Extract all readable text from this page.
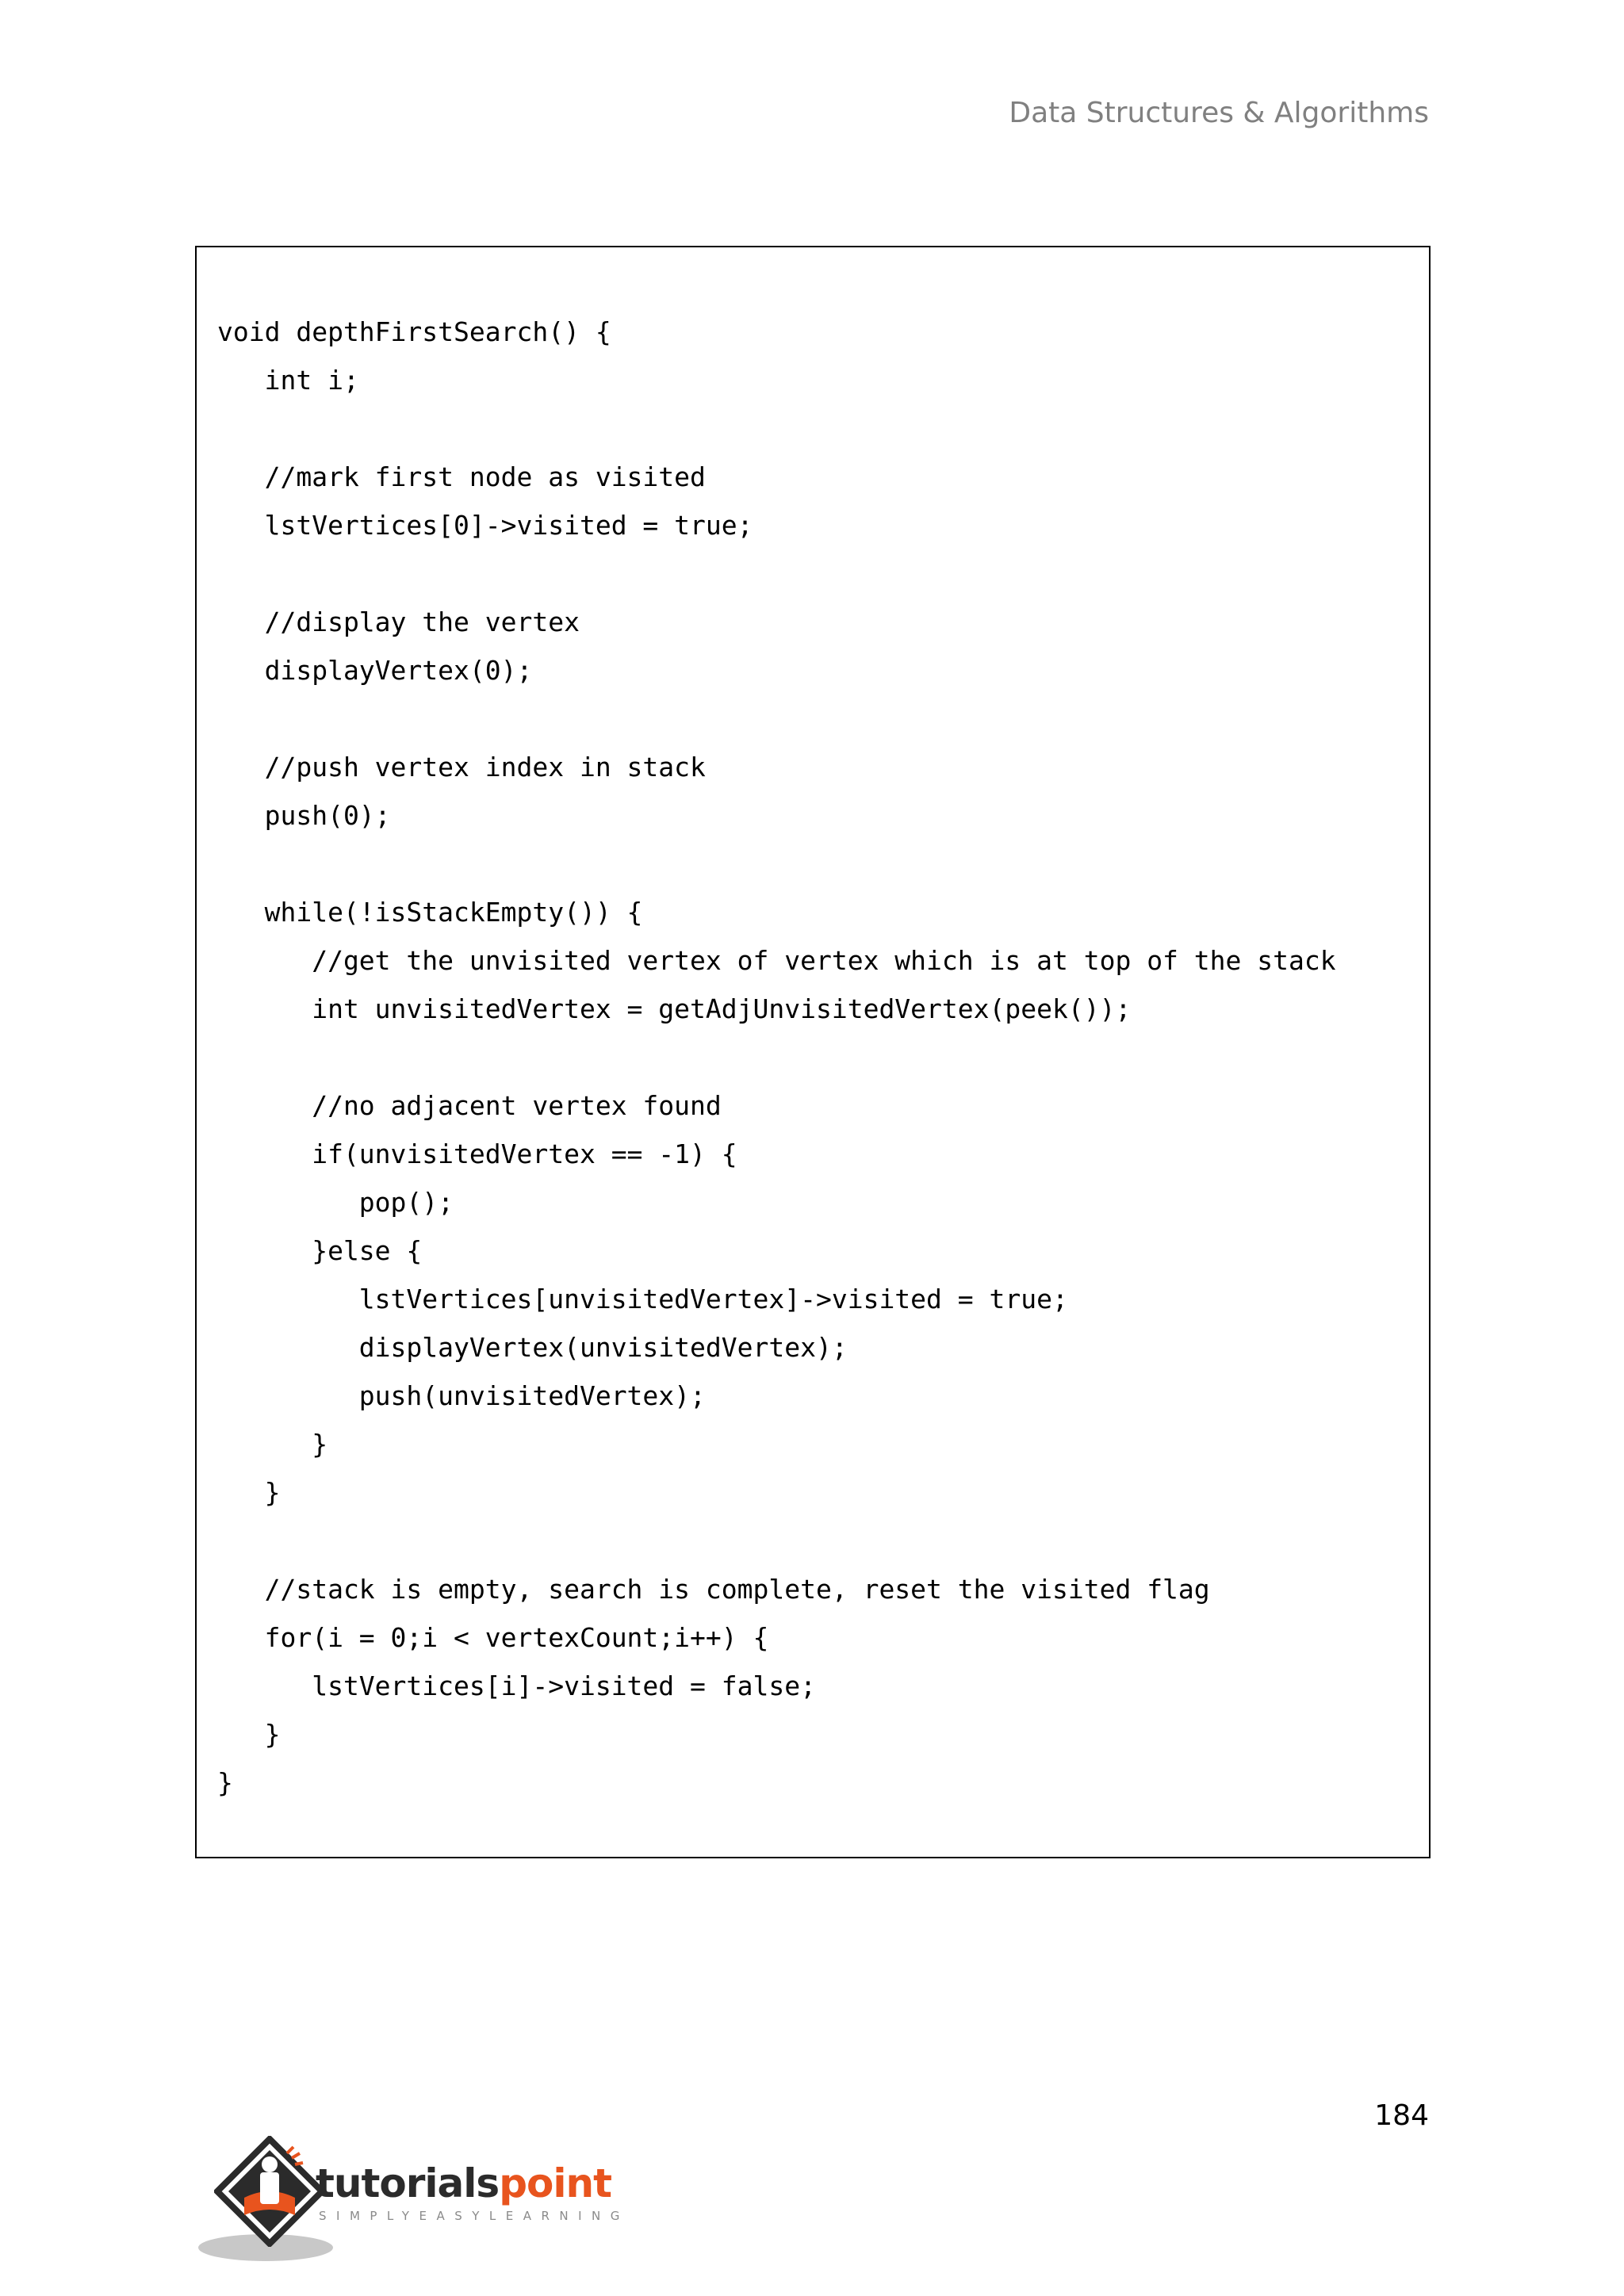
Data Structures & Algorithms
void depthFirstSearch() {
int i;
//mark first node as visited
lstVertices[0]->visited = true;
//display the vertex
displayVertex(0);
//push vertex index in stack
push(0);
while(!isStackEmpty()) {
//get the unvisited vertex of vertex which is at top of the stack
int unvisitedVertex = getAdjUnvisitedVertex(peek());
//no adjacent vertex found
if(unvisitedVertex == -1) {
pop();
}else {
lstVertices[unvisitedVertex]->visited = true;
displayVertex(unvisitedVertex);
push(unvisitedVertex);
}
}
//stack is empty, search is complete, reset the visited flag
for(i = 0;i < vertexCount;i++) {
lstVertices[i]->visited = false;
}
}
184
tutorialspoint
SIMPLYEASYLEARNING
